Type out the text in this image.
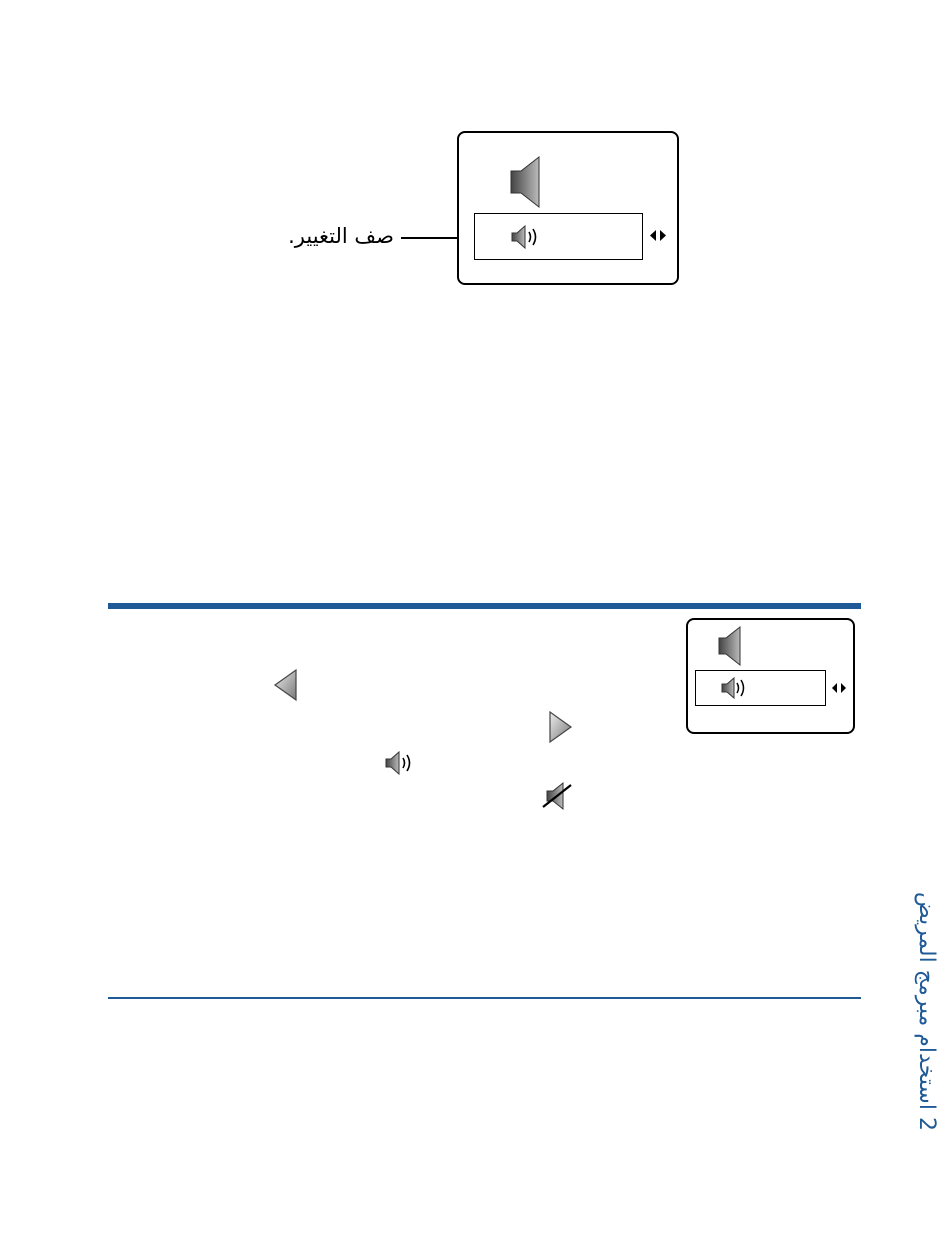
صف التغيير.
2 استخدام مبرمج المريض
